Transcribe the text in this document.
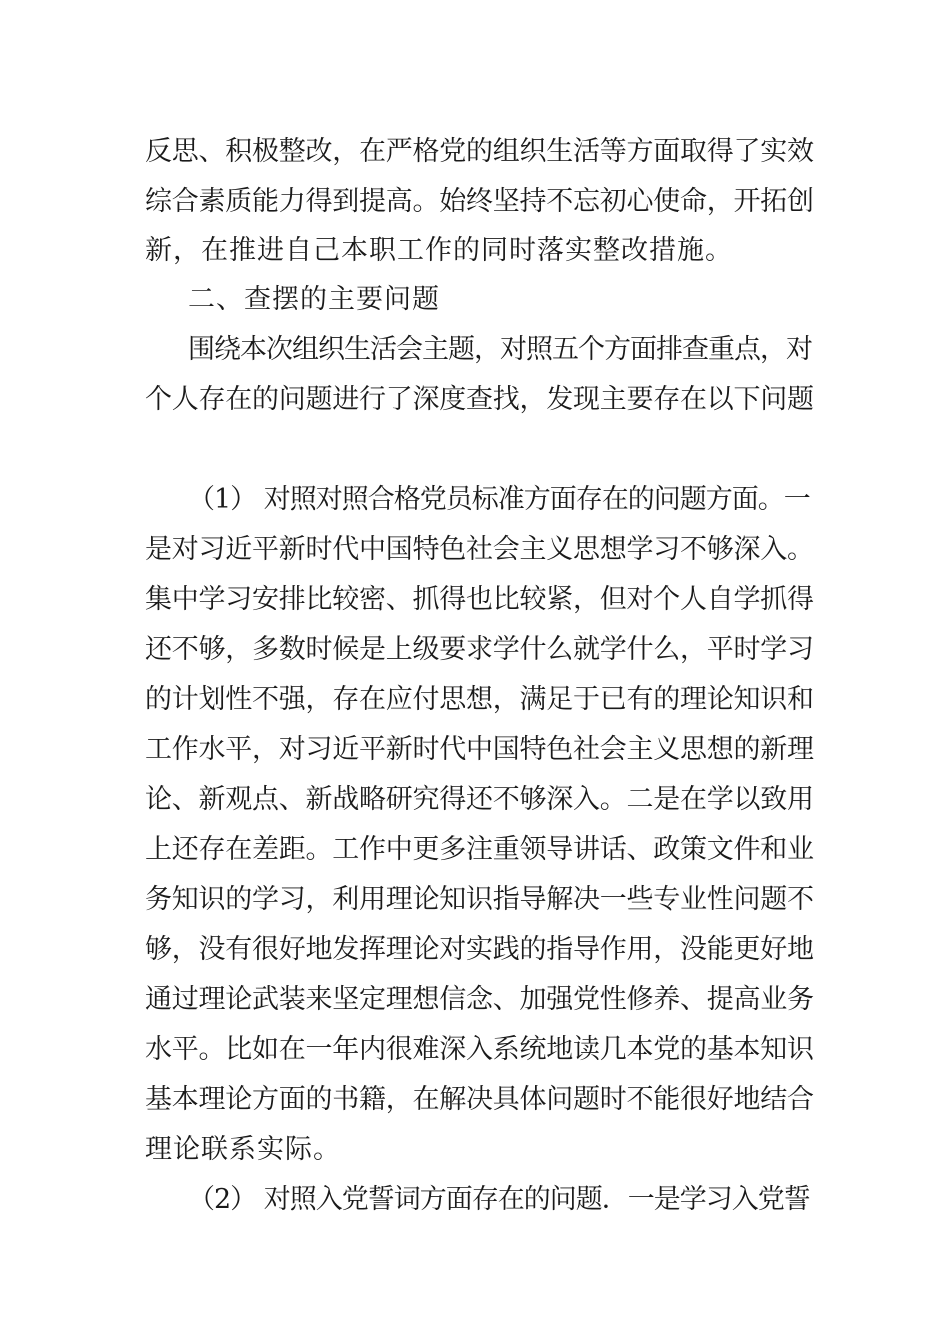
反思、积极整改，在严格党的组织生活等方面取得了实效
综合素质能力得到提高。始终坚持不忘初心使命，开拓创
新，在推进自己本职工作的同时落实整改措施。
二、查摆的主要问题
围绕本次组织生活会主题，对照五个方面排查重点，对
个人存在的问题进行了深度查找，发现主要存在以下问题
（1） 对照对照合格党员标准方面存在的问题方面。一
是对习近平新时代中国特色社会主义思想学习不够深入。
集中学习安排比较密、抓得也比较紧，但对个人自学抓得
还不够，多数时候是上级要求学什么就学什么，平时学习
的计划性不强，存在应付思想，满足于已有的理论知识和
工作水平，对习近平新时代中国特色社会主义思想的新理
论、新观点、新战略研究得还不够深入。二是在学以致用
上还存在差距。工作中更多注重领导讲话、政策文件和业
务知识的学习，利用理论知识指导解决一些专业性问题不
够，没有很好地发挥理论对实践的指导作用，没能更好地
通过理论武装来坚定理想信念、加强党性修养、提高业务
水平。比如在一年内很难深入系统地读几本党的基本知识
基本理论方面的书籍，在解决具体问题时不能很好地结合
理论联系实际。
（2） 对照入党誓词方面存在的问题．一是学习入党誓
